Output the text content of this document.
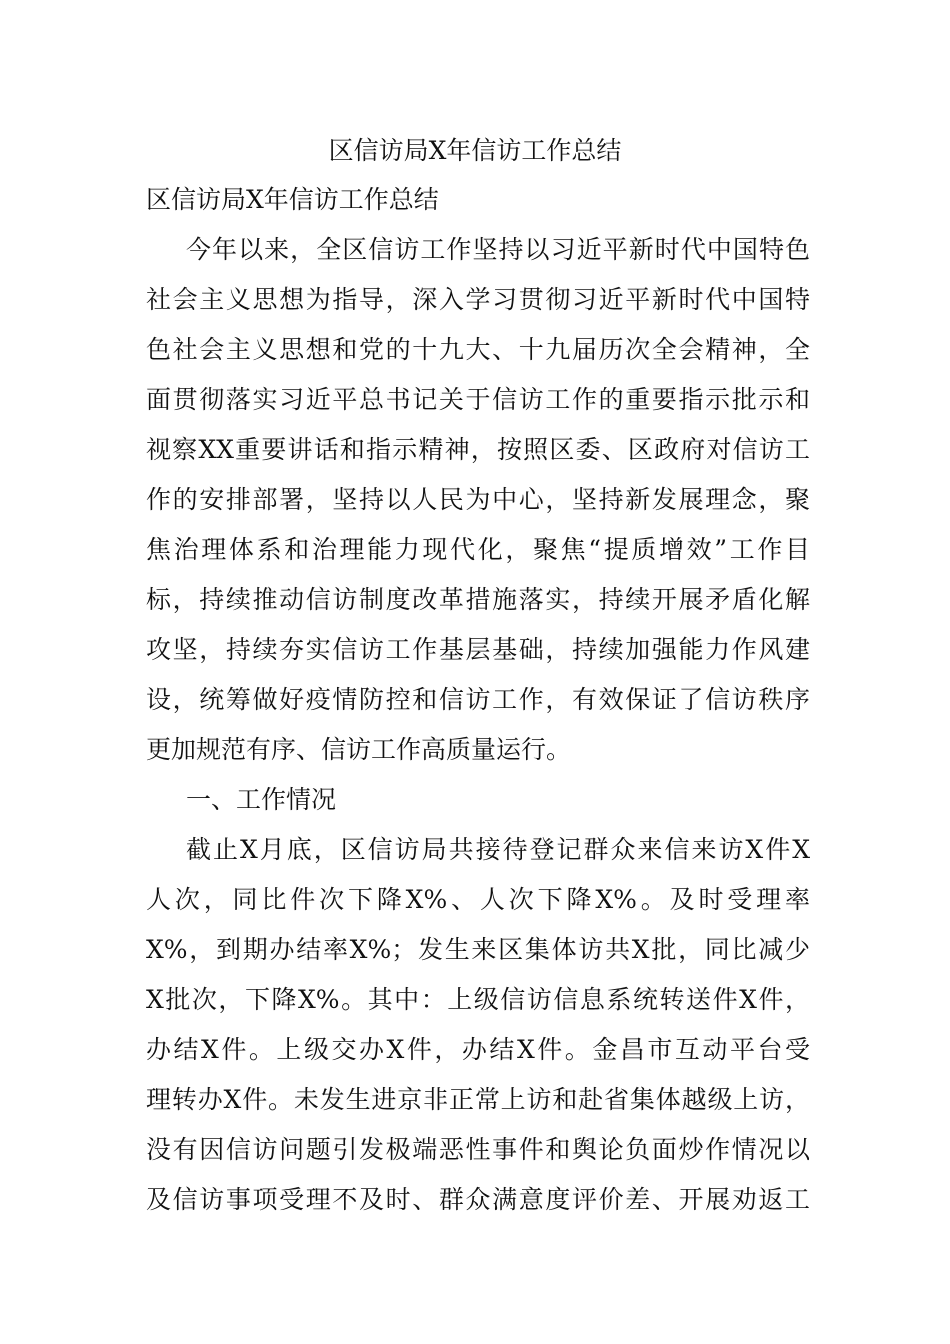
区信访局X年信访工作总结
区信访局X年信访工作总结
今年以来，全区信访工作坚持以习近平新时代中国特色
社会主义思想为指导，深入学习贯彻习近平新时代中国特
色社会主义思想和党的十九大、十九届历次全会精神，全
面贯彻落实习近平总书记关于信访工作的重要指示批示和
视察XX重要讲话和指示精神，按照区委、区政府对信访工
作的安排部署，坚持以人民为中心，坚持新发展理念，聚
焦治理体系和治理能力现代化，聚焦“提质增效”工作目
标，持续推动信访制度改革措施落实，持续开展矛盾化解
攻坚，持续夯实信访工作基层基础，持续加强能力作风建
设，统筹做好疫情防控和信访工作，有效保证了信访秩序
更加规范有序、信访工作高质量运行。
一、工作情况
截止X月底，区信访局共接待登记群众来信来访X件X
人次，同比件次下降X%、人次下降X%。及时受理率
X%，到期办结率X%；发生来区集体访共X批，同比减少
X批次，下降X%。其中：上级信访信息系统转送件X件，
办结X件。上级交办X件，办结X件。金昌市互动平台受
理转办X件。未发生进京非正常上访和赴省集体越级上访，
没有因信访问题引发极端恶性事件和舆论负面炒作情况以
及信访事项受理不及时、群众满意度评价差、开展劝返工
